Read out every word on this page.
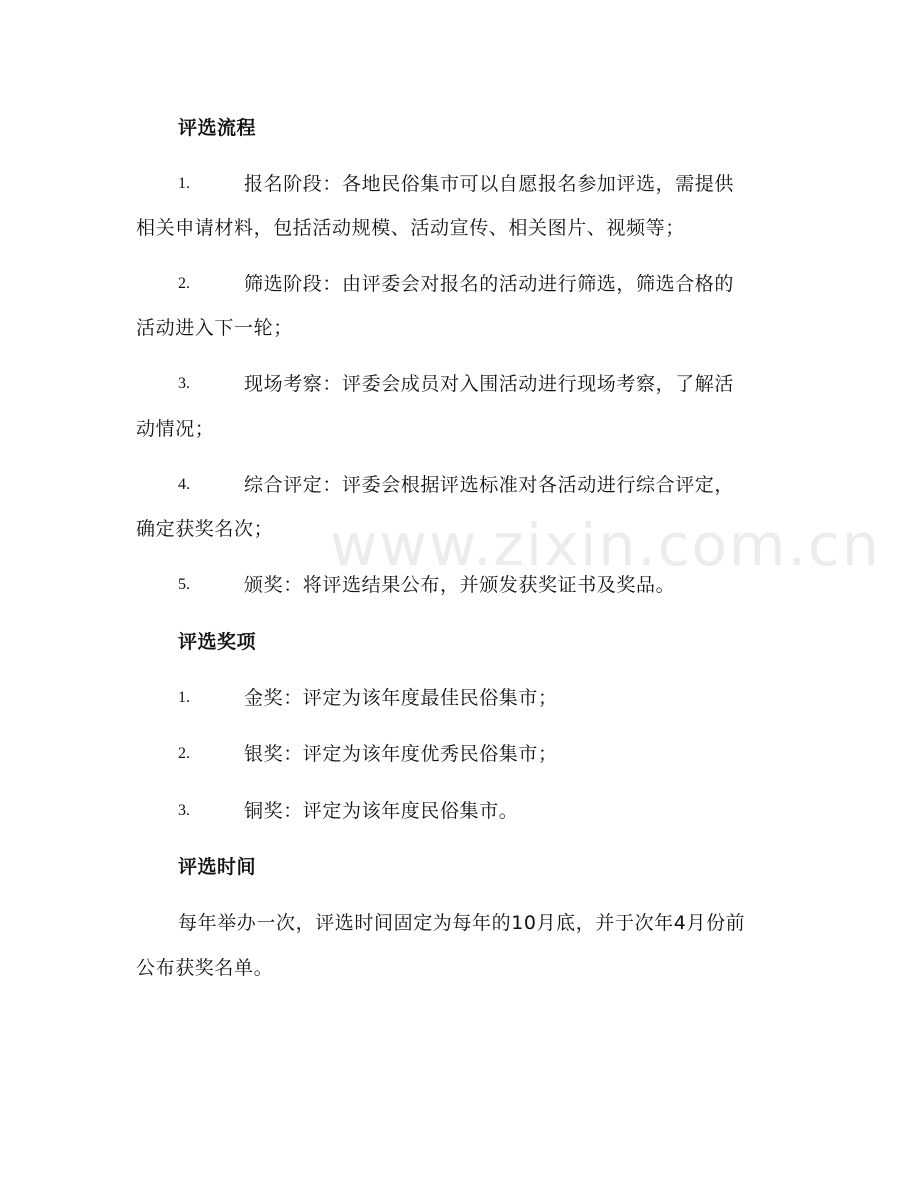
www.zixin.com.cn
评选流程
1.	报名阶段：各地民俗集市可以自愿报名参加评选，需提供
相关申请材料，包括活动规模、活动宣传、相关图片、视频等；
2.	筛选阶段：由评委会对报名的活动进行筛选，筛选合格的
活动进入下一轮；
3.	现场考察：评委会成员对入围活动进行现场考察，了解活
动情况；
4.	综合评定：评委会根据评选标准对各活动进行综合评定，
确定获奖名次；
5.	颁奖：将评选结果公布，并颁发获奖证书及奖品。
评选奖项
1.	金奖：评定为该年度最佳民俗集市；
2.	银奖：评定为该年度优秀民俗集市；
3.	铜奖：评定为该年度民俗集市。
评选时间
每年举办一次，评选时间固定为每年的10月底，并于次年4月份前
公布获奖名单。
